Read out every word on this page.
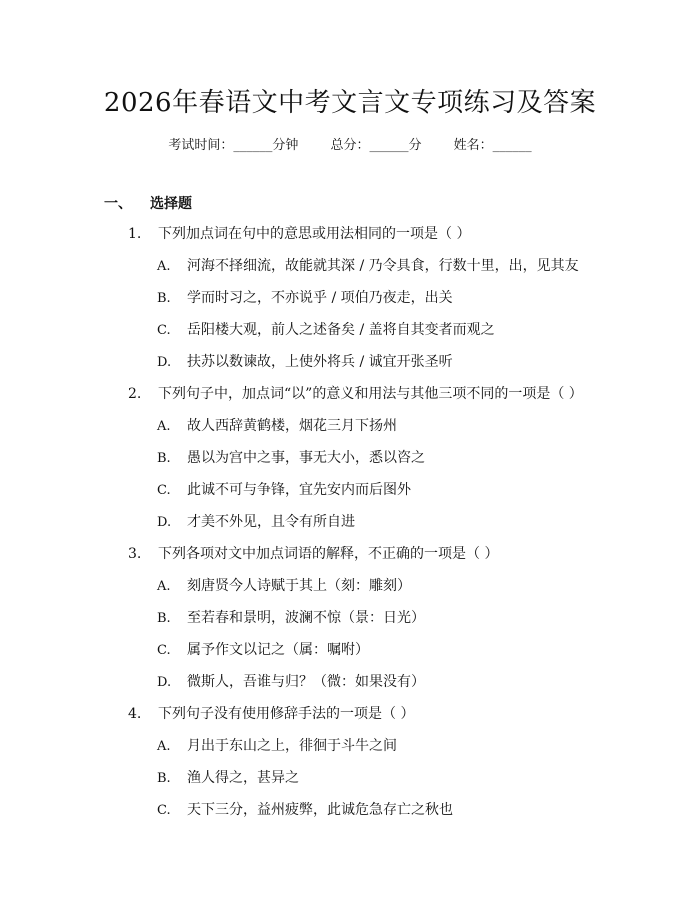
2026年春语文中考文言文专项练习及答案
考试时间：______分钟 总分：______分 姓名：______
一、 选择题
1. 下列加点词在句中的意思或用法相同的一项是（ ）
A. 河海不择细流，故能就其深 / 乃令具食，行数十里，出，见其友
B. 学而时习之，不亦说乎 / 项伯乃夜走，出关
C. 岳阳楼大观，前人之述备矣 / 盖将自其变者而观之
D. 扶苏以数谏故，上使外将兵 / 诚宜开张圣听
2. 下列句子中，加点词“以”的意义和用法与其他三项不同的一项是（ ）
A. 故人西辞黄鹤楼，烟花三月下扬州
B. 愚以为宫中之事，事无大小，悉以咨之
C. 此诚不可与争锋，宜先安内而后图外
D. 才美不外见，且令有所自进
3. 下列各项对文中加点词语的解释，不正确的一项是（ ）
A. 刻唐贤今人诗赋于其上（刻：雕刻）
B. 至若春和景明，波澜不惊（景：日光）
C. 属予作文以记之（属：嘱咐）
D. 微斯人，吾谁与归？（微：如果没有）
4. 下列句子没有使用修辞手法的一项是（ ）
A. 月出于东山之上，徘徊于斗牛之间
B. 渔人得之，甚异之
C. 天下三分，益州疲弊，此诚危急存亡之秋也
